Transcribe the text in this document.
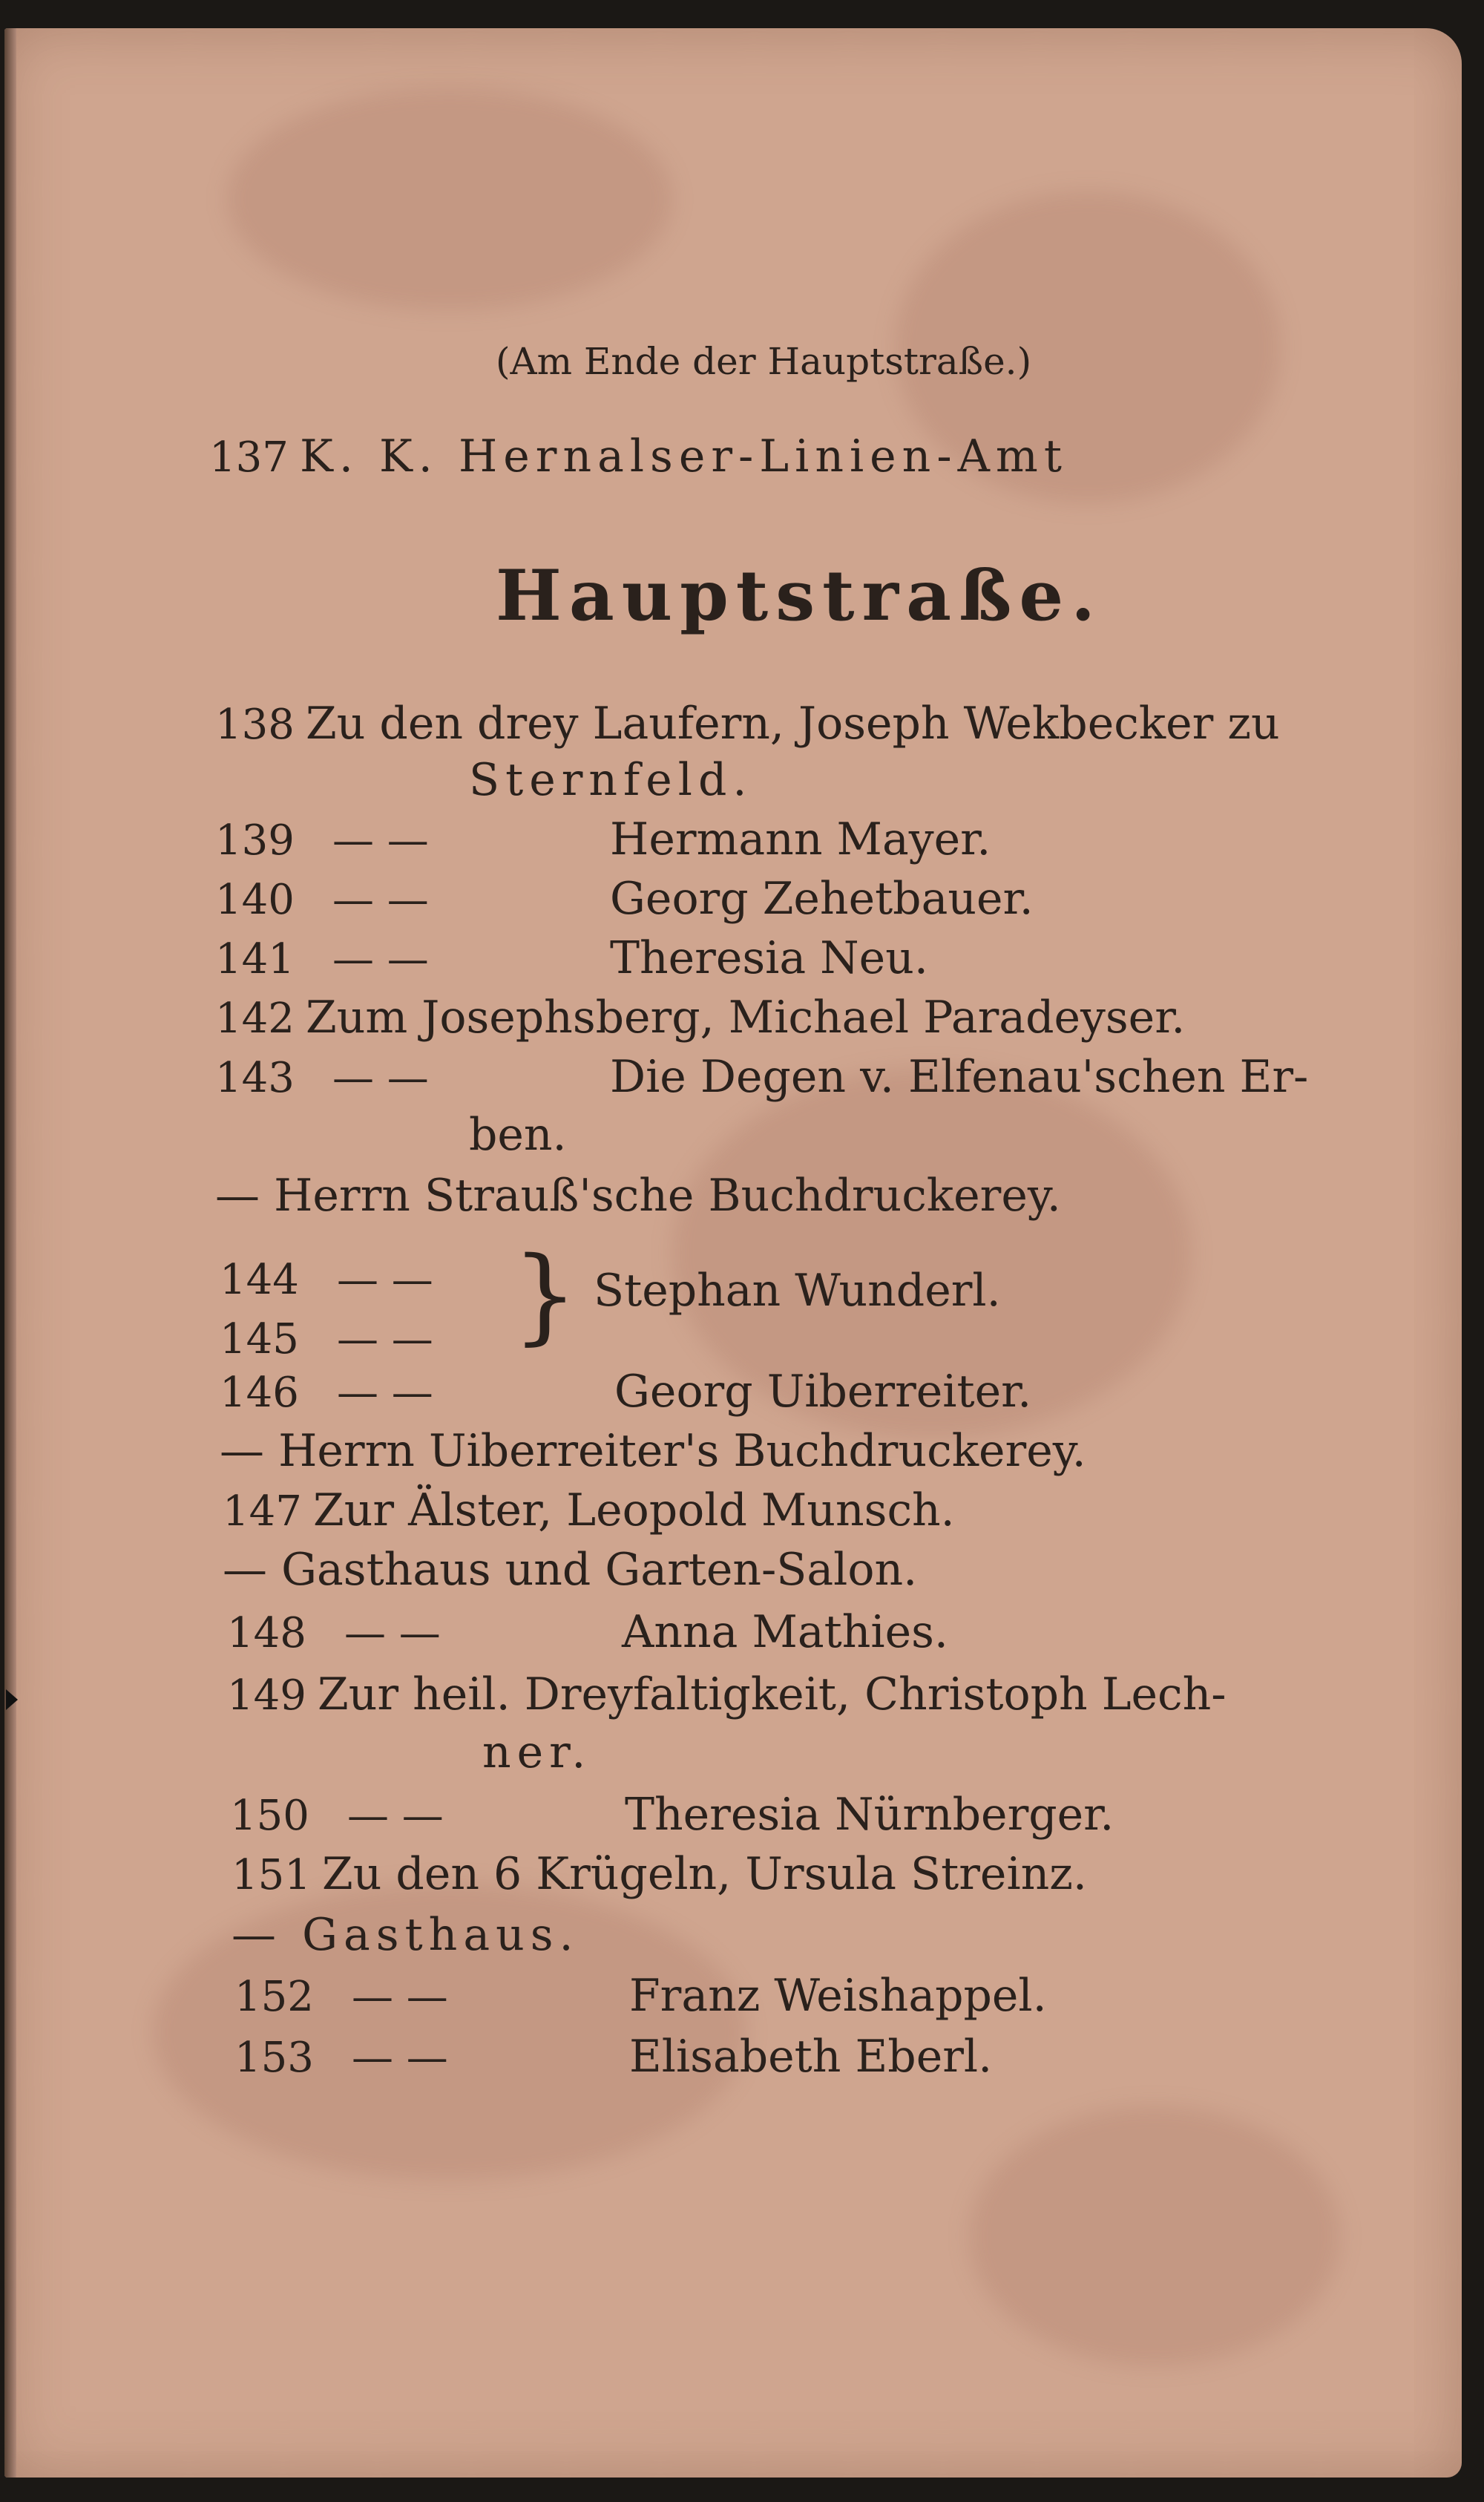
(Am Ende der Hauptstraße.)
137 K. K. Hernalser-Linien-Amt
Hauptstraße.
138 Zu den drey Laufern, Joseph Wekbecker zu
Sternfeld.
139 — —	Hermann Mayer.
140 — —	Georg Zehetbauer.
141 — —	Theresia Neu.
142 Zum Josephsberg, Michael Paradeyser.
143 — —	Die Degen v. Elfenau'schen Er-
ben.
— Herrn Strauß'sche Buchdruckerey.
144 — —
145 — — } Stephan Wunderl.
146 — —	Georg Uiberreiter.
— Herrn Uiberreiter's Buchdruckerey.
147 Zur Älster, Leopold Munsch.
— Gasthaus und Garten-Salon.
148 — —	Anna Mathies.
149 Zur heil. Dreyfaltigkeit, Christoph Lech-
ner.
150 — —	Theresia Nürnberger.
151 Zu den 6 Krügeln, Ursula Streinz.
— Gasthaus.
152 — —	Franz Weishappel.
153 — —	Elisabeth Eberl.
